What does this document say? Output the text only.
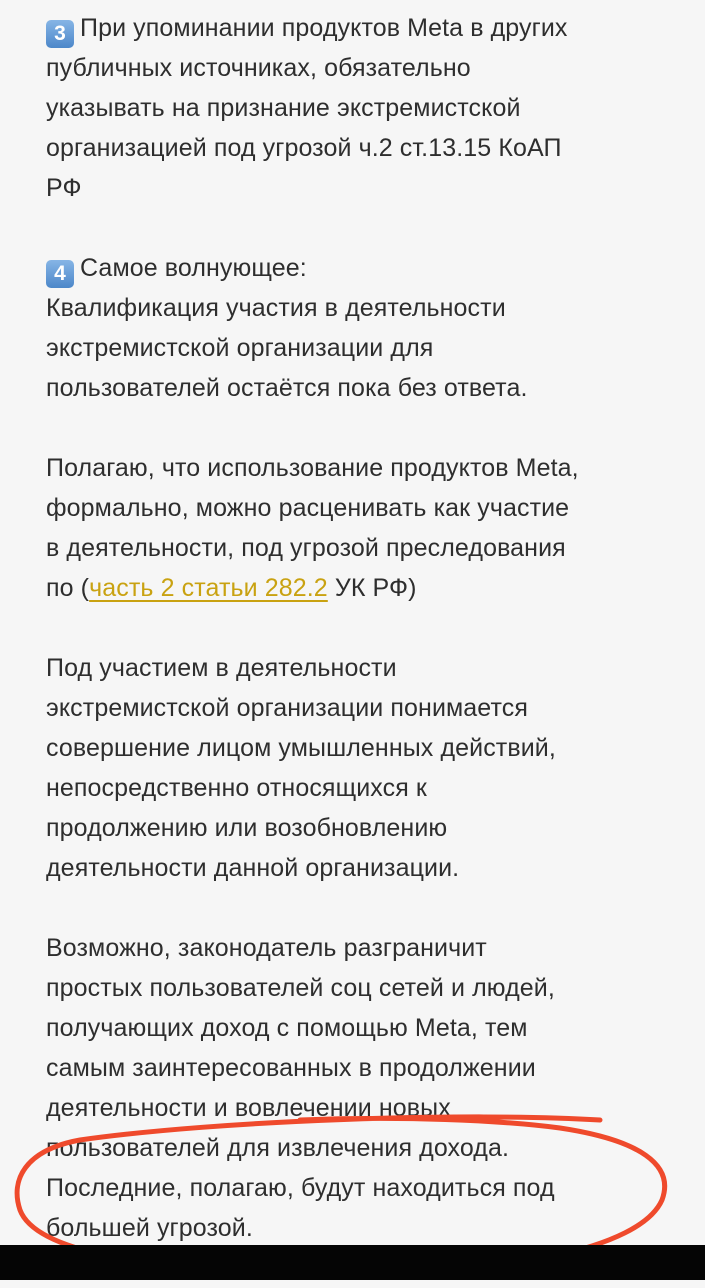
3 При упоминании продуктов Meta в других

публичных источниках, обязательно

указывать на признание экстремистской

организацией под угрозой ч.2 ст.13.15 КоАП

РФ

4 Самое волнующее:

Квалификация участия в деятельности

экстремистской организации для

пользователей остаётся пока без ответа.

Полагаю, что использование продуктов Meta,

формально, можно расценивать как участие

в деятельности, под угрозой преследования

по (часть 2 статьи 282.2 УК РФ)

Под участием в деятельности

экстремистской организации понимается

совершение лицом умышленных действий,

непосредственно относящихся к

продолжению или возобновлению

деятельности данной организации.

Возможно, законодатель разграничит

простых пользователей соц сетей и людей,

получающих доход с помощью Meta, тем

самым заинтересованных в продолжении

деятельности и вовлечении новых

пользователей для извлечения дохода.

Последние, полагаю, будут находиться под

большей угрозой.
